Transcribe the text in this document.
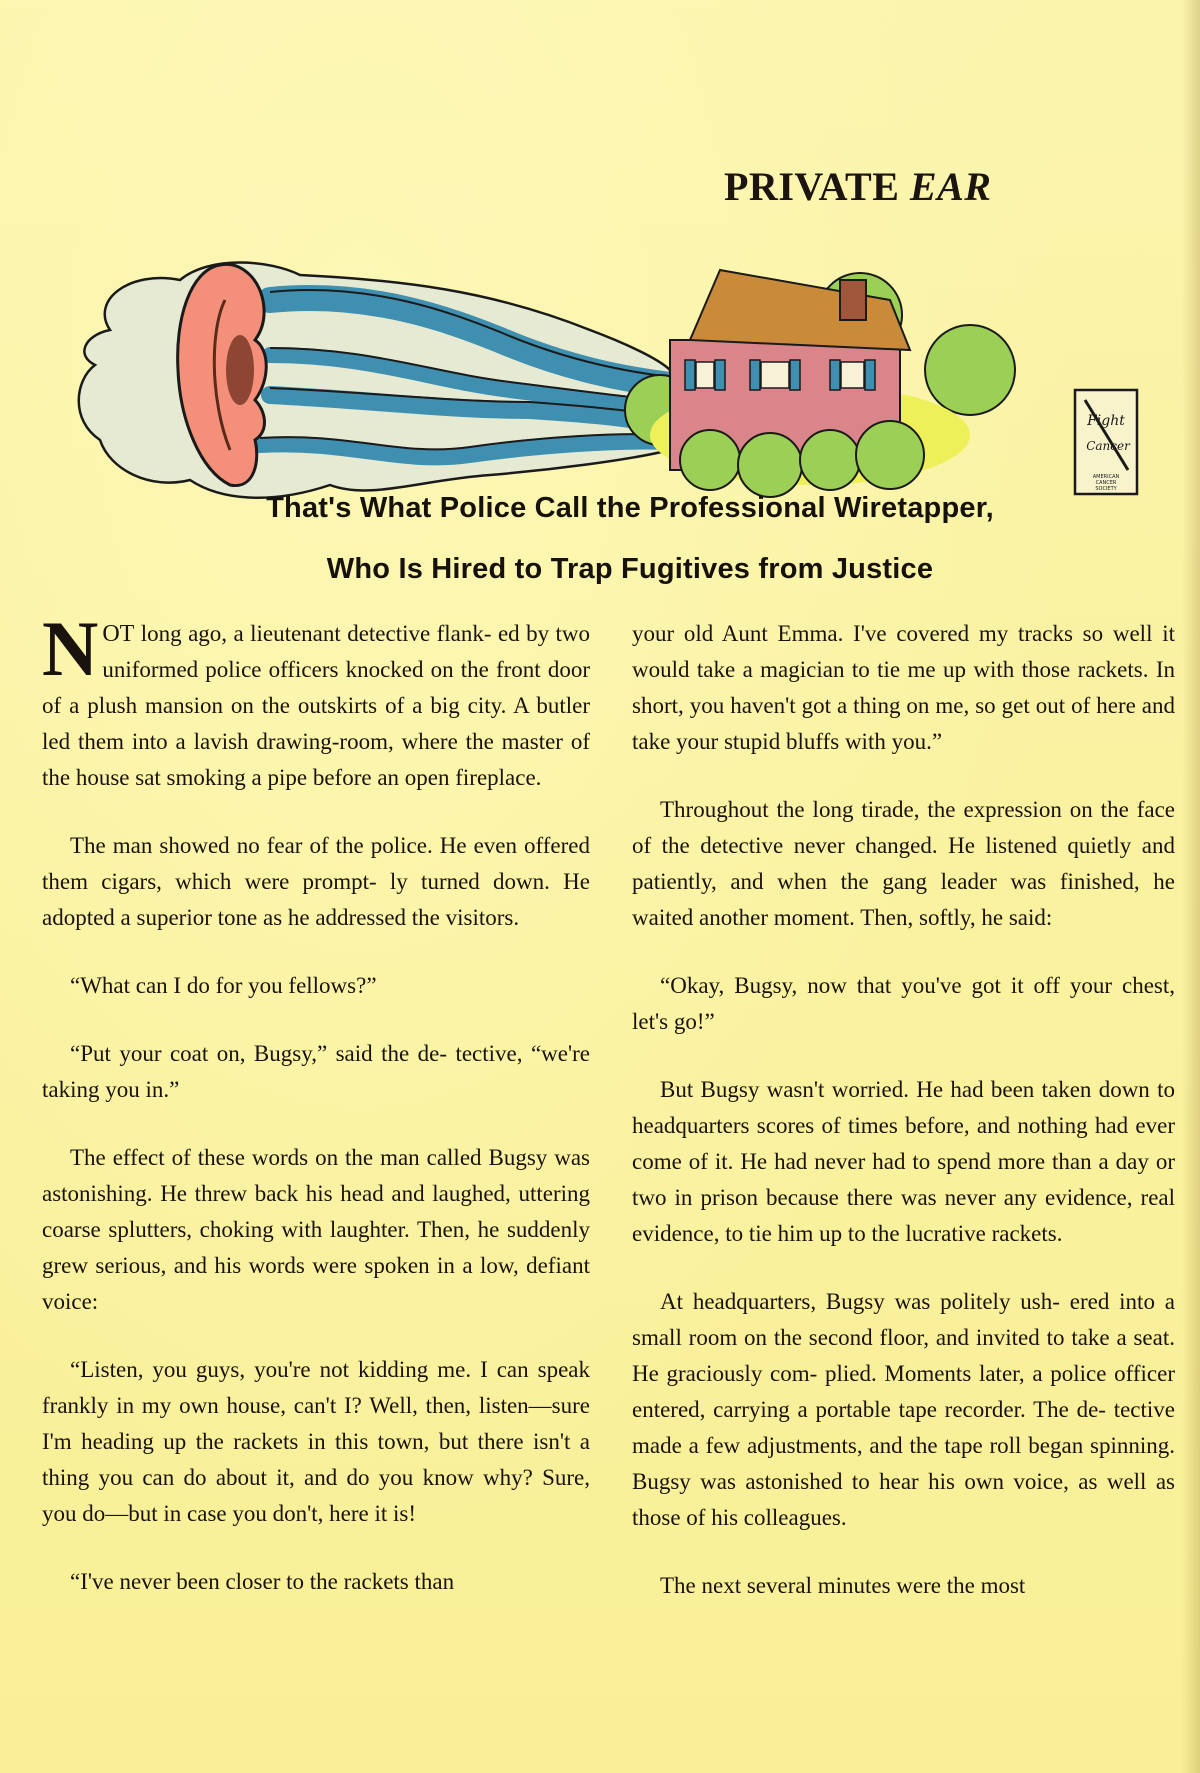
Fight
Cancer
AMERICAN
CANCER
SOCIETY
PRIVATE EAR
That's What Police Call the Professional Wiretapper,
Who Is Hired to Trap Fugitives from Justice

NOT long ago, a lieutenant detective flank- ed by two uniformed police officers knocked on the front door of a plush mansion on the outskirts of a big city. A butler led them into a lavish drawing-room, where the master of the house sat smoking a pipe before an open fireplace.

The man showed no fear of the police. He even offered them cigars, which were prompt- ly turned down. He adopted a superior tone as he addressed the visitors.

“What can I do for you fellows?”

“Put your coat on, Bugsy,” said the de- tective, “we're taking you in.”

The effect of these words on the man called Bugsy was astonishing. He threw back his head and laughed, uttering coarse splutters, choking with laughter. Then, he suddenly grew serious, and his words were spoken in a low, defiant voice:

“Listen, you guys, you're not kidding me. I can speak frankly in my own house, can't I? Well, then, listen—sure I'm heading up the rackets in this town, but there isn't a thing you can do about it, and do you know why? Sure, you do—but in case you don't, here it is!

“I've never been closer to the rackets than

your old Aunt Emma. I've covered my tracks so well it would take a magician to tie me up with those rackets. In short, you haven't got a thing on me, so get out of here and take your stupid bluffs with you.”

Throughout the long tirade, the expression on the face of the detective never changed. He listened quietly and patiently, and when the gang leader was finished, he waited another moment. Then, softly, he said:

“Okay, Bugsy, now that you've got it off your chest, let's go!”

But Bugsy wasn't worried. He had been taken down to headquarters scores of times before, and nothing had ever come of it. He had never had to spend more than a day or two in prison because there was never any evidence, real evidence, to tie him up to the lucrative rackets.

At headquarters, Bugsy was politely ush- ered into a small room on the second floor, and invited to take a seat. He graciously com- plied. Moments later, a police officer entered, carrying a portable tape recorder. The de- tective made a few adjustments, and the tape roll began spinning. Bugsy was astonished to hear his own voice, as well as those of his colleagues.

The next several minutes were the most
